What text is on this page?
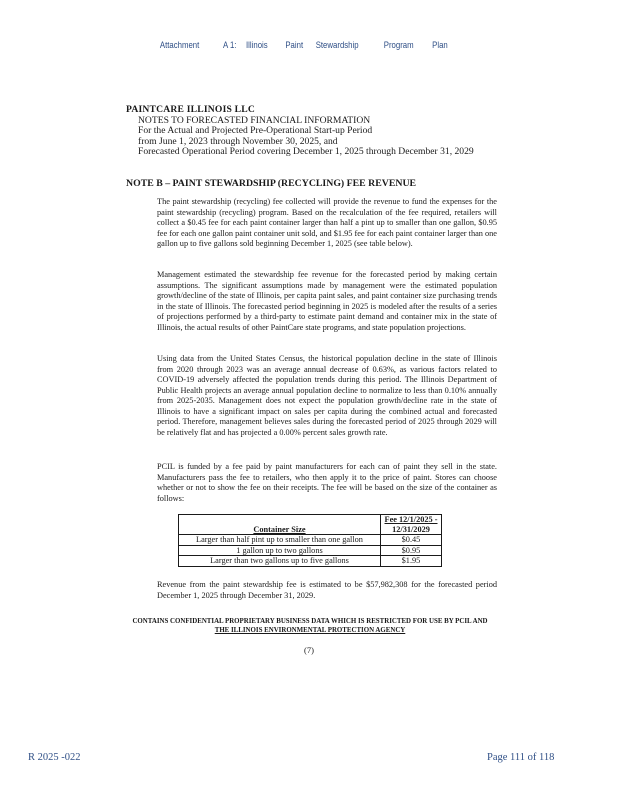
Attachment A 1: Illinois Paint Stewardship	Program Plan
PAINTCARE ILLINOIS LLC
NOTES TO FORECASTED FINANCIAL INFORMATION
For the Actual and Projected Pre-Operational Start-up Period
from June 1, 2023 through November 30, 2025, and
Forecasted Operational Period covering December 1, 2025 through December 31, 2029
NOTE B – PAINT STEWARDSHIP (RECYCLING) FEE REVENUE
The paint stewardship (recycling) fee collected will provide the revenue to fund the expenses for the paint stewardship (recycling) program. Based on the recalculation of the fee required, retailers will collect a $0.45 fee for each paint container larger than half a pint up to smaller than one gallon, $0.95 fee for each one gallon paint container unit sold, and $1.95 fee for each paint container larger than one gallon up to five gallons sold beginning December 1, 2025 (see table below).
Management estimated the stewardship fee revenue for the forecasted period by making certain assumptions. The significant assumptions made by management were the estimated population growth/decline of the state of Illinois, per capita paint sales, and paint container size purchasing trends in the state of Illinois. The forecasted period beginning in 2025 is modeled after the results of a series of projections performed by a third-party to estimate paint demand and container mix in the state of Illinois, the actual results of other PaintCare state programs, and state population projections.
Using data from the United States Census, the historical population decline in the state of Illinois from 2020 through 2023 was an average annual decrease of 0.63%, as various factors related to COVID-19 adversely affected the population trends during this period. The Illinois Department of Public Health projects an average annual population decline to normalize to less than 0.10% annually from 2025-2035. Management does not expect the population growth/decline rate in the state of Illinois to have a significant impact on sales per capita during the combined actual and forecasted period. Therefore, management believes sales during the forecasted period of 2025 through 2029 will be relatively flat and has projected a 0.00% percent sales growth rate.
PCIL is funded by a fee paid by paint manufacturers for each can of paint they sell in the state. Manufacturers pass the fee to retailers, who then apply it to the price of paint. Stores can choose whether or not to show the fee on their receipts. The fee will be based on the size of the container as follows:
Container Size	Fee 12/1/2025 -
12/31/2029

Larger than half pint up to smaller than one gallon	$0.45
1 gallon up to two gallons	$0.95
Larger than two gallons up to five gallons	$1.95
Revenue from the paint stewardship fee is estimated to be $57,982,308 for the forecasted period December 1, 2025 through December 31, 2029.
CONTAINS CONFIDENTIAL PROPRIETARY BUSINESS DATA WHICH IS RESTRICTED FOR USE BY PCIL AND
THE ILLINOIS ENVIRONMENTAL PROTECTION AGENCY
(7)
R 2025 -022	Page 111 of 118
